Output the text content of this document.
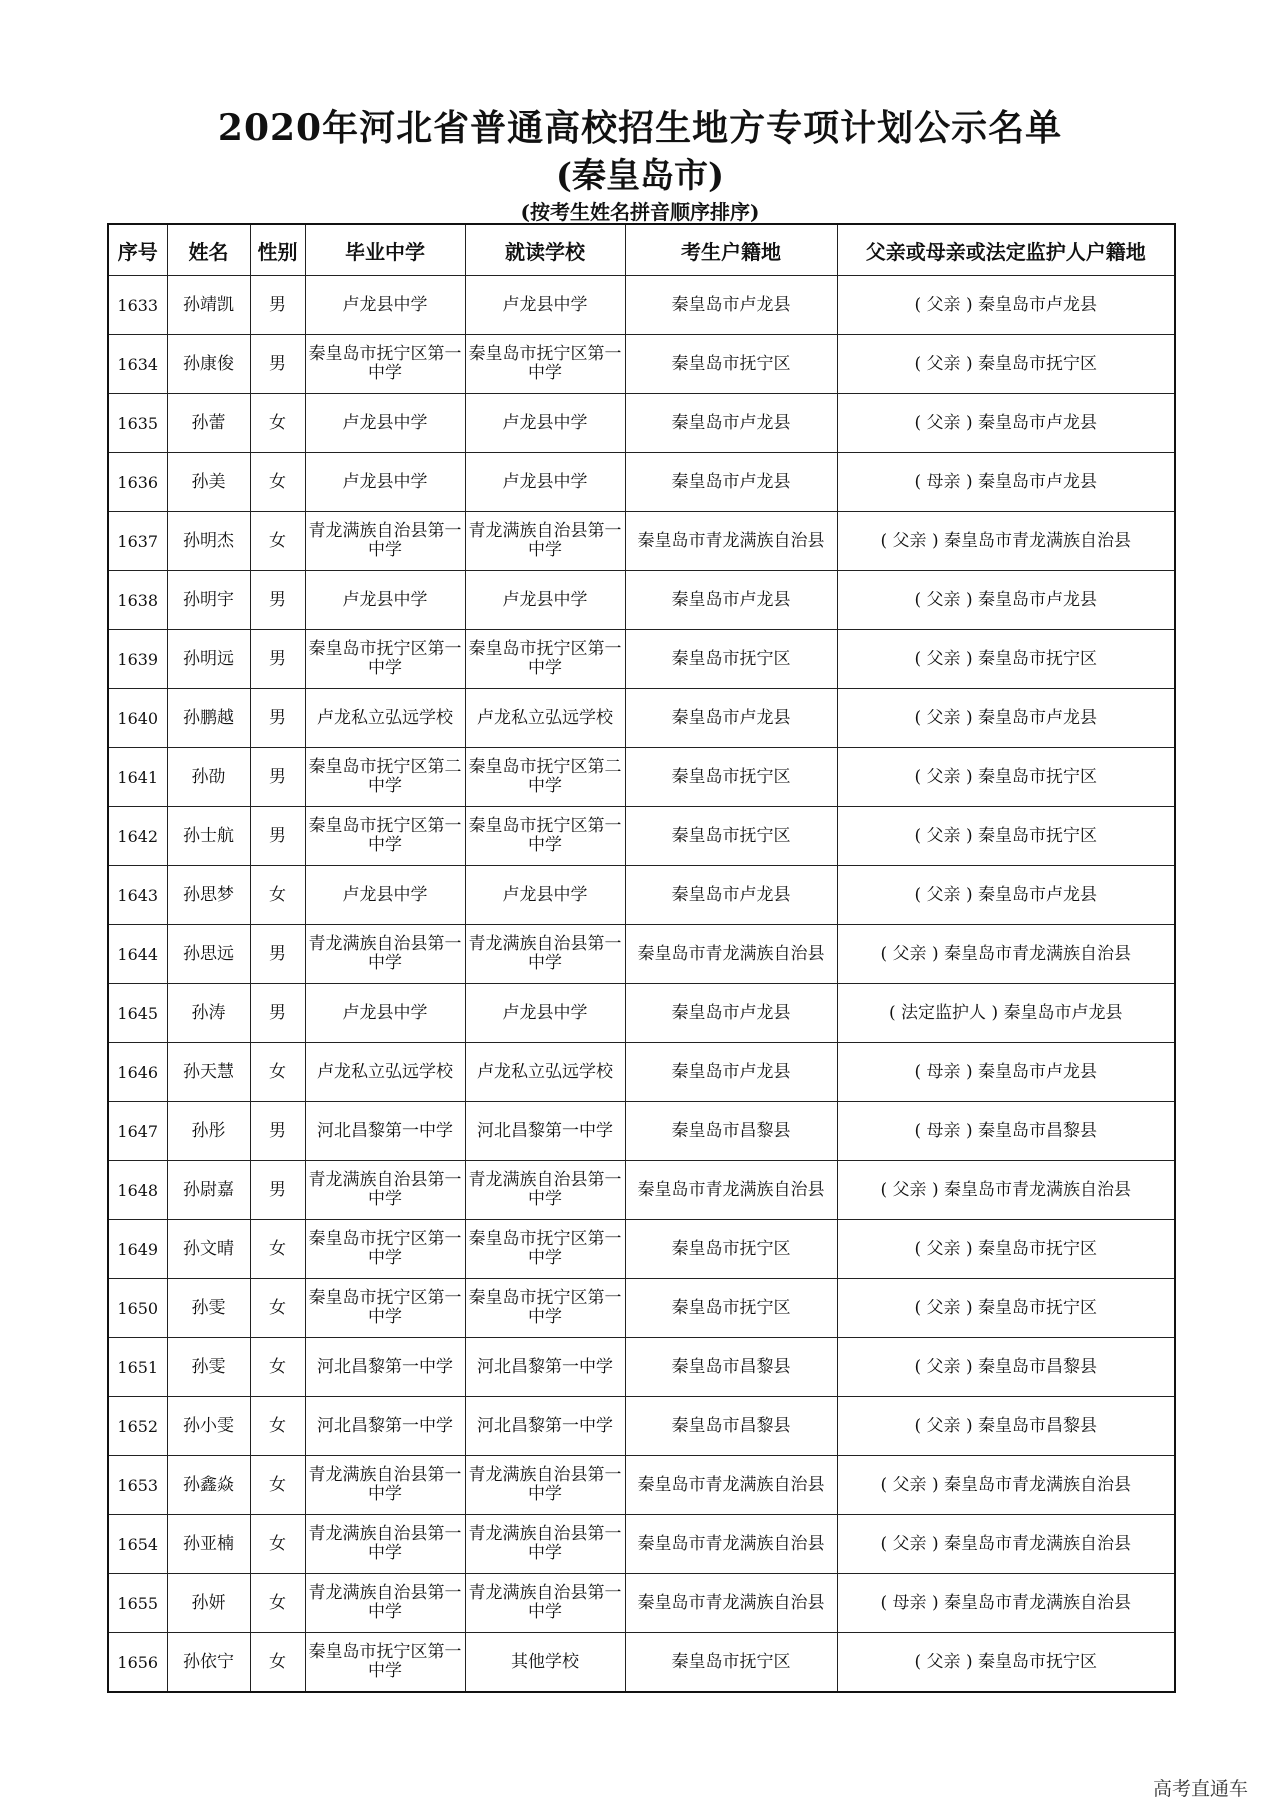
2020年河北省普通高校招生地方专项计划公示名单
(秦皇岛市)
(按考生姓名拼音顺序排序)
序号	姓名	性别	毕业中学	就读学校	考生户籍地	父亲或母亲或法定监护人户籍地
1633	孙靖凯	男	卢龙县中学	卢龙县中学	秦皇岛市卢龙县	( 父亲 ) 秦皇岛市卢龙县
1634	孙康俊	男	秦皇岛市抚宁区第一中学	秦皇岛市抚宁区第一中学	秦皇岛市抚宁区	( 父亲 ) 秦皇岛市抚宁区
1635	孙蕾	女	卢龙县中学	卢龙县中学	秦皇岛市卢龙县	( 父亲 ) 秦皇岛市卢龙县
1636	孙美	女	卢龙县中学	卢龙县中学	秦皇岛市卢龙县	( 母亲 ) 秦皇岛市卢龙县
1637	孙明杰	女	青龙满族自治县第一中学	青龙满族自治县第一中学	秦皇岛市青龙满族自治县	( 父亲 ) 秦皇岛市青龙满族自治县
1638	孙明宇	男	卢龙县中学	卢龙县中学	秦皇岛市卢龙县	( 父亲 ) 秦皇岛市卢龙县
1639	孙明远	男	秦皇岛市抚宁区第一中学	秦皇岛市抚宁区第一中学	秦皇岛市抚宁区	( 父亲 ) 秦皇岛市抚宁区
1640	孙鹏越	男	卢龙私立弘远学校	卢龙私立弘远学校	秦皇岛市卢龙县	( 父亲 ) 秦皇岛市卢龙县
1641	孙劭	男	秦皇岛市抚宁区第二中学	秦皇岛市抚宁区第二中学	秦皇岛市抚宁区	( 父亲 ) 秦皇岛市抚宁区
1642	孙士航	男	秦皇岛市抚宁区第一中学	秦皇岛市抚宁区第一中学	秦皇岛市抚宁区	( 父亲 ) 秦皇岛市抚宁区
1643	孙思梦	女	卢龙县中学	卢龙县中学	秦皇岛市卢龙县	( 父亲 ) 秦皇岛市卢龙县
1644	孙思远	男	青龙满族自治县第一中学	青龙满族自治县第一中学	秦皇岛市青龙满族自治县	( 父亲 ) 秦皇岛市青龙满族自治县
1645	孙涛	男	卢龙县中学	卢龙县中学	秦皇岛市卢龙县	( 法定监护人 ) 秦皇岛市卢龙县
1646	孙天慧	女	卢龙私立弘远学校	卢龙私立弘远学校	秦皇岛市卢龙县	( 母亲 ) 秦皇岛市卢龙县
1647	孙彤	男	河北昌黎第一中学	河北昌黎第一中学	秦皇岛市昌黎县	( 母亲 ) 秦皇岛市昌黎县
1648	孙尉嘉	男	青龙满族自治县第一中学	青龙满族自治县第一中学	秦皇岛市青龙满族自治县	( 父亲 ) 秦皇岛市青龙满族自治县
1649	孙文晴	女	秦皇岛市抚宁区第一中学	秦皇岛市抚宁区第一中学	秦皇岛市抚宁区	( 父亲 ) 秦皇岛市抚宁区
1650	孙雯	女	秦皇岛市抚宁区第一中学	秦皇岛市抚宁区第一中学	秦皇岛市抚宁区	( 父亲 ) 秦皇岛市抚宁区
1651	孙雯	女	河北昌黎第一中学	河北昌黎第一中学	秦皇岛市昌黎县	( 父亲 ) 秦皇岛市昌黎县
1652	孙小雯	女	河北昌黎第一中学	河北昌黎第一中学	秦皇岛市昌黎县	( 父亲 ) 秦皇岛市昌黎县
1653	孙鑫焱	女	青龙满族自治县第一中学	青龙满族自治县第一中学	秦皇岛市青龙满族自治县	( 父亲 ) 秦皇岛市青龙满族自治县
1654	孙亚楠	女	青龙满族自治县第一中学	青龙满族自治县第一中学	秦皇岛市青龙满族自治县	( 父亲 ) 秦皇岛市青龙满族自治县
1655	孙妍	女	青龙满族自治县第一中学	青龙满族自治县第一中学	秦皇岛市青龙满族自治县	( 母亲 ) 秦皇岛市青龙满族自治县
1656	孙依宁	女	秦皇岛市抚宁区第一中学	其他学校	秦皇岛市抚宁区	( 父亲 ) 秦皇岛市抚宁区
高考直通车
